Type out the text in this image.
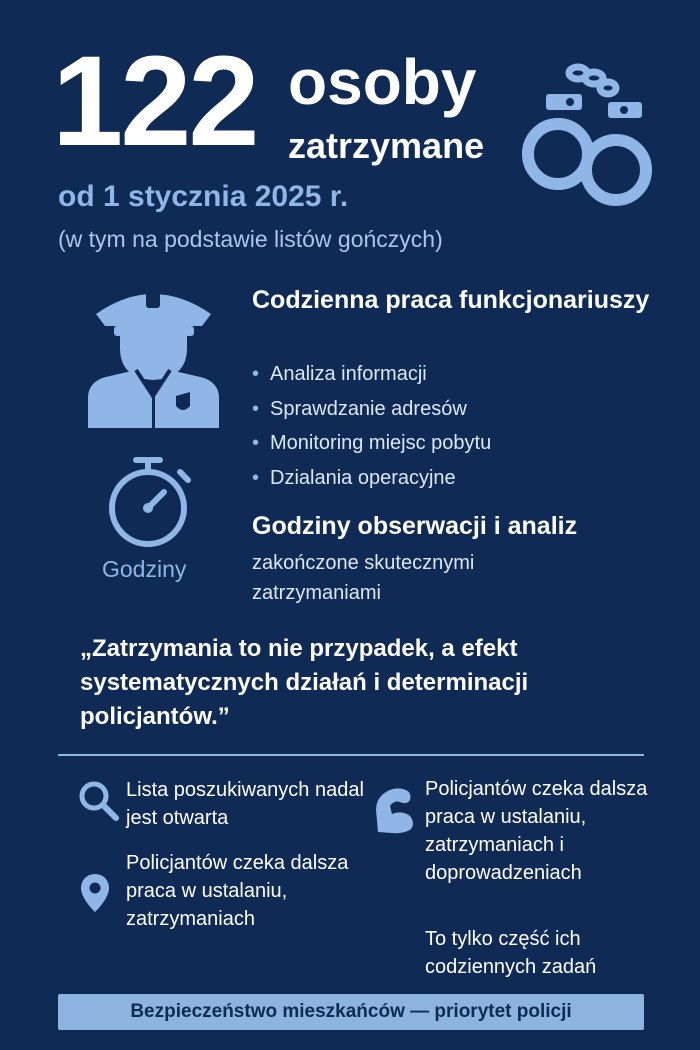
122 osoby
zatrzymane
od 1 stycznia 2025 r.
(w tym na podstawie listów gończych)
Codzienna praca funkcjonariuszy
• Analiza informacji
• Sprawdzanie adresów
• Monitoring miejsc pobytu
• Dzialania operacyjne
Godziny
Godziny obserwacji i analiz
zakończone skutecznymi zatrzymaniami
„Zatrzymania to nie przypadek, a efekt systematycznych działań i determinacji policjantów.”
Lista poszukiwanych nadal jest otwarta
Policjantów czeka dalsza praca w ustalaniu, zatrzymaniach
Policjantów czeka dalsza praca w ustalaniu, zatrzymaniach i doprowadzeniach
To tylko część ich codziennych zadań
Bezpieczeństwo mieszkańców — priorytet policji
